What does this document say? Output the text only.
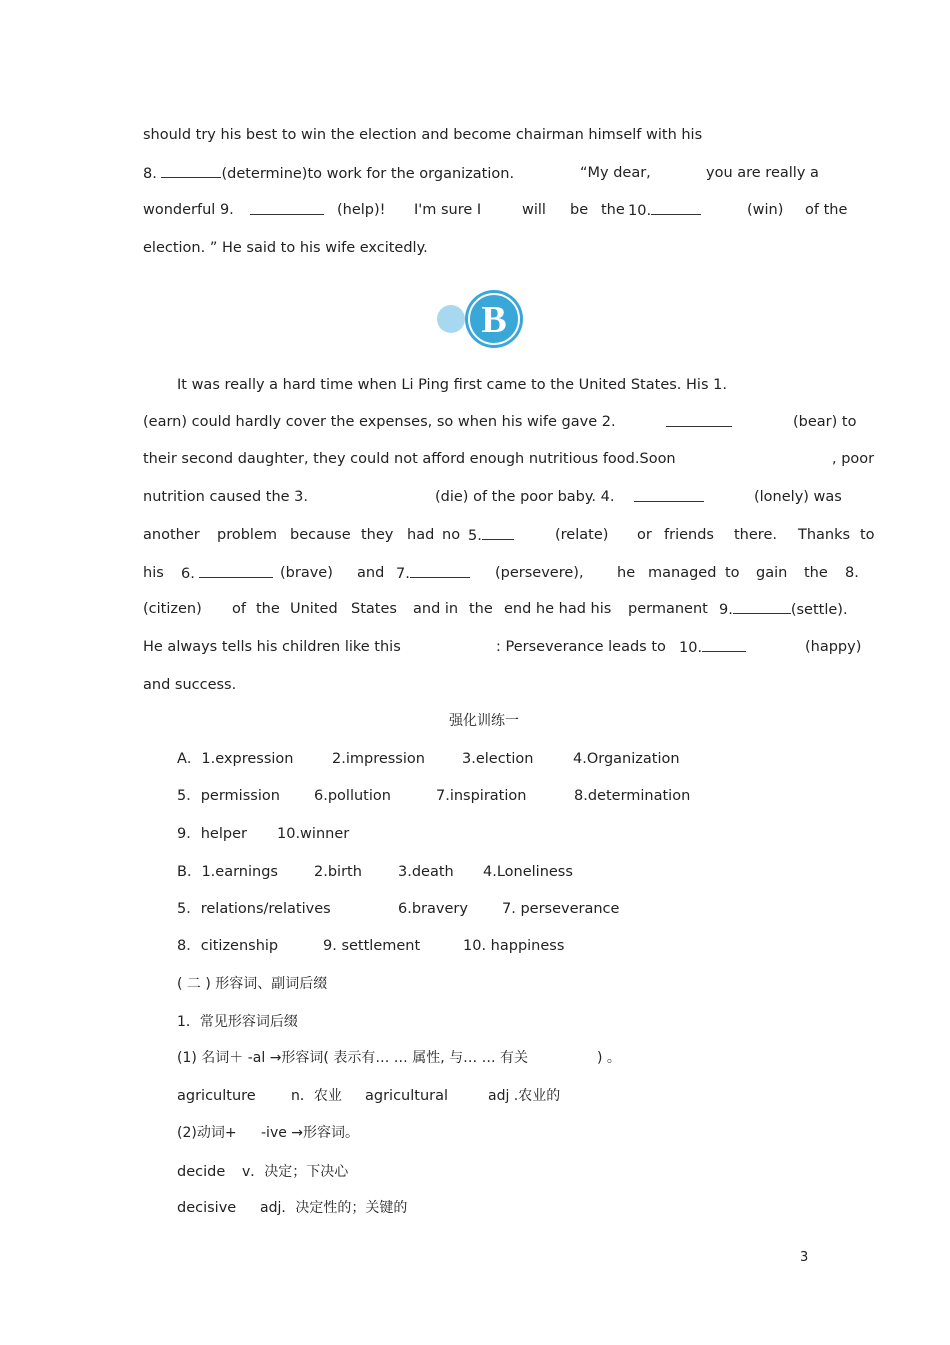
should try his best to win the election and become chairman himself with his
8.	(determine)to work for the organization.	“My dear,	you are really a
wonderful 9.	(help)! I'm sure I	will be the 10.	(win) of the
election. ” He said to his wife excitedly.
B
It was really a hard time when Li Ping first came to the United States. His 1.
(earn) could hardly cover the expenses, so when his wife gave 2.	(bear) to
their second daughter, they could not afford enough nutritious food.Soon	, poor
nutrition caused the 3.	(die) of the poor baby. 4.	(lonely) was
another problem because they had no 5.	(relate) or friends there. Thanks to
his 6.	(brave) and 7.	(persevere), he managed to gain the 8.
(citizen) of the United States and in the end he had his permanent 9.	(settle).
He always tells his children like this	: Perseverance leads to 10.	(happy)
and success.
强化训练一
A．1.expression	2.impression	3.election	4.Organization
5．permission 6.pollution	7.inspiration	8.determination
9．helper 10.winner
B．1.earnings 2.birth 3.death 4.Loneliness
5．relations/relatives	6.bravery 7. perseverance
8．citizenship	9. settlement	10. happiness
( 二 ) 形容词、副词后缀
1．常见形容词后缀
(1) 名词＋ -al →形容词( 表示有… … 属性, 与… … 有关	) 。
agriculture	n．农业 agricultural	adj .农业的
(2)动词+ -ive →形容词。
decide v．决定；下决心
decisive adj．决定性的；关键的
3
